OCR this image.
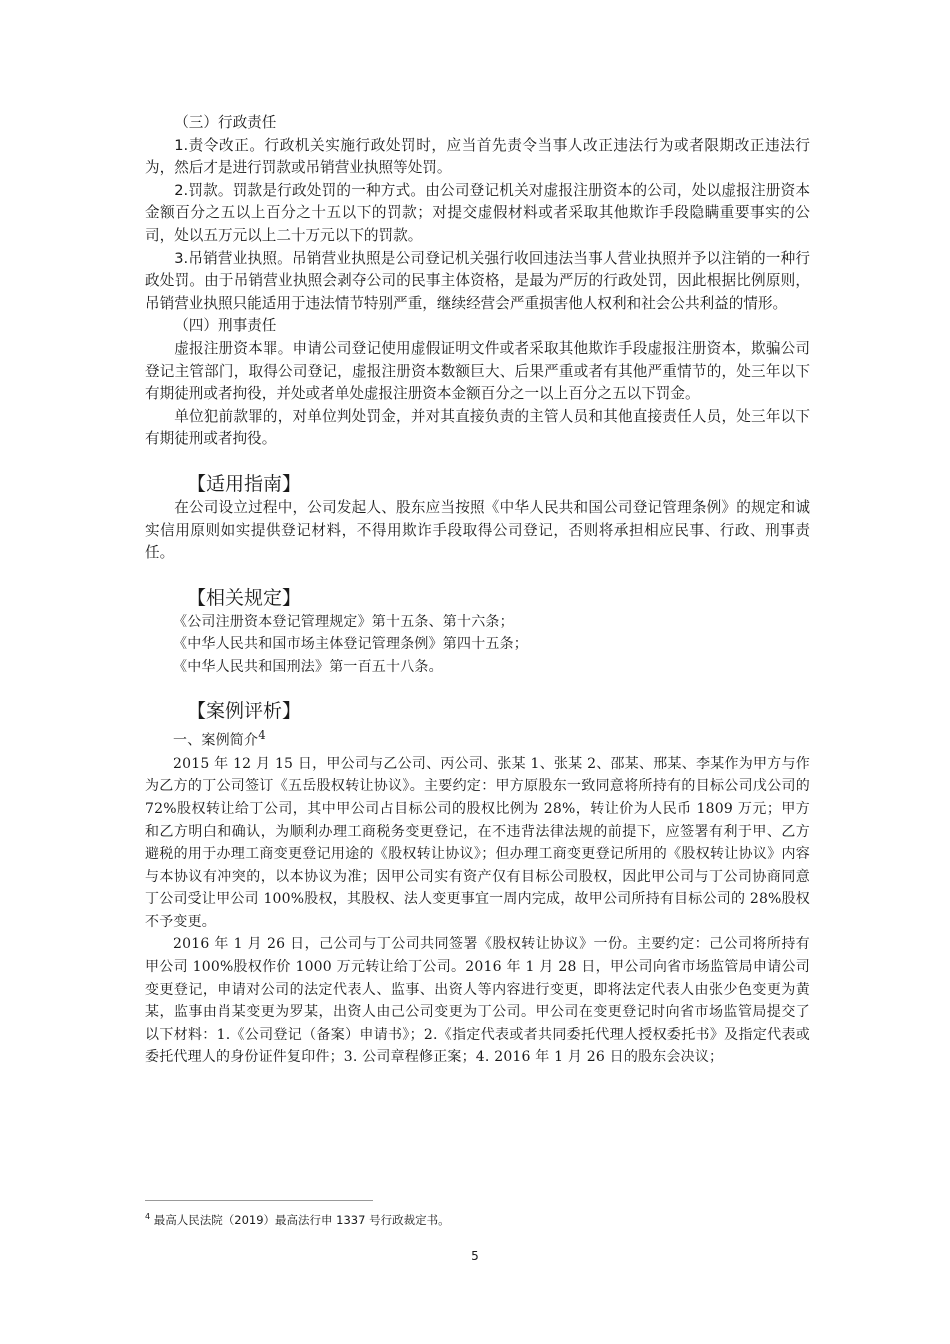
（三）行政责任

1.责令改正。行政机关实施行政处罚时，应当首先责令当事人改正违法行为或者限期改正违法行为，然后才是进行罚款或吊销营业执照等处罚。

2.罚款。罚款是行政处罚的一种方式。由公司登记机关对虚报注册资本的公司，处以虚报注册资本金额百分之五以上百分之十五以下的罚款；对提交虚假材料或者采取其他欺诈手段隐瞒重要事实的公司，处以五万元以上二十万元以下的罚款。

3.吊销营业执照。吊销营业执照是公司登记机关强行收回违法当事人营业执照并予以注销的一种行政处罚。由于吊销营业执照会剥夺公司的民事主体资格，是最为严厉的行政处罚，因此根据比例原则，吊销营业执照只能适用于违法情节特别严重，继续经营会严重损害他人权利和社会公共利益的情形。

（四）刑事责任

虚报注册资本罪。申请公司登记使用虚假证明文件或者采取其他欺诈手段虚报注册资本，欺骗公司登记主管部门，取得公司登记，虚报注册资本数额巨大、后果严重或者有其他严重情节的，处三年以下有期徒刑或者拘役，并处或者单处虚报注册资本金额百分之一以上百分之五以下罚金。

单位犯前款罪的，对单位判处罚金，并对其直接负责的主管人员和其他直接责任人员，处三年以下有期徒刑或者拘役。

【适用指南】

在公司设立过程中，公司发起人、股东应当按照《中华人民共和国公司登记管理条例》的规定和诚实信用原则如实提供登记材料，不得用欺诈手段取得公司登记，否则将承担相应民事、行政、刑事责任。

【相关规定】

《公司注册资本登记管理规定》第十五条、第十六条；

《中华人民共和国市场主体登记管理条例》第四十五条；

《中华人民共和国刑法》第一百五十八条。

【案例评析】

一、案例简介$^4$

2015 年 12 月 15 日，甲公司与乙公司、丙公司、张某 1、张某 2、邵某、邢某、李某作为甲方与作为乙方的丁公司签订《五岳股权转让协议》。主要约定：甲方原股东一致同意将所持有的目标公司戊公司的 72%股权转让给丁公司，其中甲公司占目标公司的股权比例为 28%，转让价为人民币 1809 万元；甲方和乙方明白和确认，为顺利办理工商税务变更登记，在不违背法律法规的前提下，应签署有利于甲、乙方避税的用于办理工商变更登记用途的《股权转让协议》；但办理工商变更登记所用的《股权转让协议》内容与本协议有冲突的，以本协议为准；因甲公司实有资产仅有目标公司股权，因此甲公司与丁公司协商同意丁公司受让甲公司 100%股权，其股权、法人变更事宜一周内完成，故甲公司所持有目标公司的 28%股权不予变更。

2016 年 1 月 26 日，己公司与丁公司共同签署《股权转让协议》一份。主要约定：己公司将所持有甲公司 100%股权作价 1000 万元转让给丁公司。2016 年 1 月 28 日，甲公司向省市场监管局申请公司变更登记，申请对公司的法定代表人、监事、出资人等内容进行变更，即将法定代表人由张少色变更为黄某，监事由肖某变更为罗某，出资人由己公司变更为丁公司。甲公司在变更登记时向省市场监管局提交了以下材料：1.《公司登记（备案）申请书》；2.《指定代表或者共同委托代理人授权委托书》及指定代表或委托代理人的身份证件复印件；3. 公司章程修正案；4. 2016 年 1 月 26 日的股东会决议；

$^4$ 最高人民法院（2019）最高法行申 1337 号行政裁定书。
5
